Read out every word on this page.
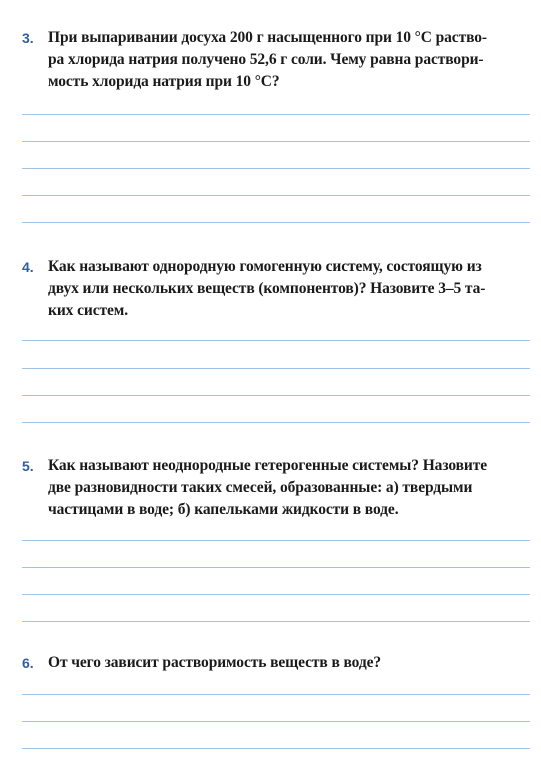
3. При выпаривании досуха 200 г насыщенного при 10 °С раство-
ра хлорида натрия получено 52,6 г соли. Чему равна раствори-
мость хлорида натрия при 10 °С?
4. Как называют однородную гомогенную систему, состоящую из
двух или нескольких веществ (компонентов)? Назовите 3–5 та-
ких систем.
5. Как называют неоднородные гетерогенные системы? Назовите
две разновидности таких смесей, образованные: а) твердыми
частицами в воде; б) капельками жидкости в воде.
6. От чего зависит растворимость веществ в воде?
